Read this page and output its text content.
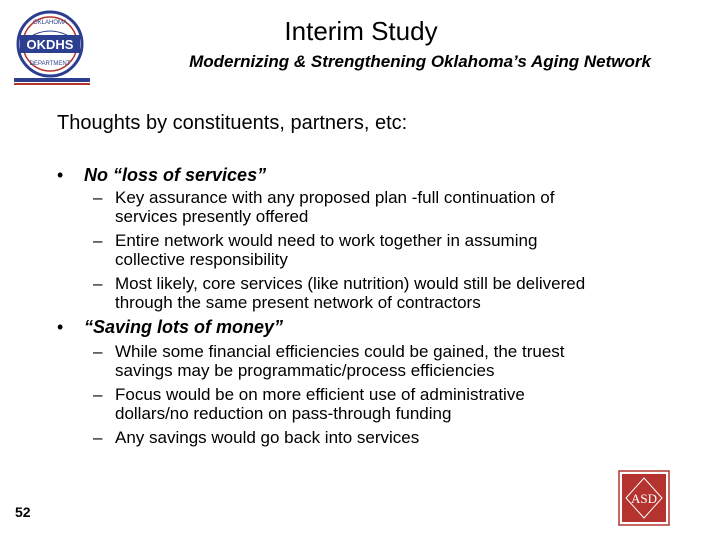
OKLAHOMA
OKDHS
DEPARTMENT
Interim Study
Modernizing & Strengthening Oklahoma’s Aging Network
Thoughts by constituents, partners, etc:
• No “loss of services”
– Key assurance with any proposed plan -full continuation of
services presently offered
– Entire network would need to work together in assuming
collective responsibility
– Most likely, core services (like nutrition) would still be delivered
through the same present network of contractors
• “Saving lots of money”
– While some financial efficiencies could be gained, the truest
savings may be programmatic/process efficiencies
– Focus would be on more efficient use of administrative
dollars/no reduction on pass-through funding
– Any savings would go back into services
52
ASD
